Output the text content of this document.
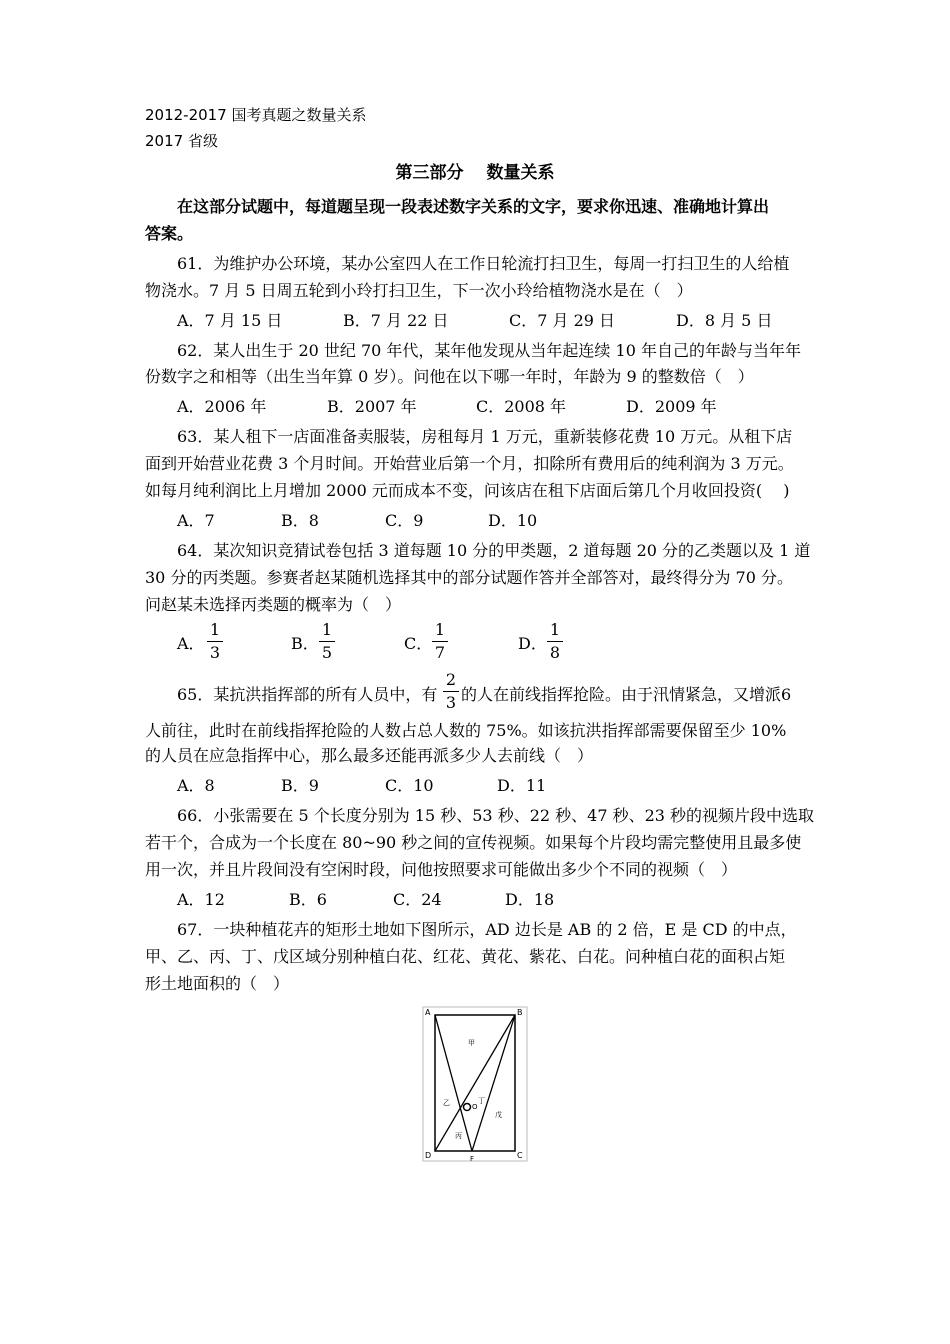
2012-2017 国考真题之数量关系
2017 省级
第三部分　 数量关系
在这部分试题中，每道题呈现一段表述数字关系的文字，要求你迅速、准确地计算出
答案。
61．为维护办公环境，某办公室四人在工作日轮流打扫卫生，每周一打扫卫生的人给植
物浇水。7 月 5 日周五轮到小玲打扫卫生，下一次小玲给植物浇水是在（　）
A．7 月 15 日	B．7 月 22 日	C．7 月 29 日	D．8 月 5 日
62．某人出生于 20 世纪 70 年代，某年他发现从当年起连续 10 年自己的年龄与当年年
份数字之和相等（出生当年算 0 岁）。问他在以下哪一年时，年龄为 9 的整数倍（　）
A．2006 年	B．2007 年	C．2008 年	D．2009 年
63．某人租下一店面准备卖服装，房租每月 1 万元，重新装修花费 10 万元。从租下店
面到开始营业花费 3 个月时间。开始营业后第一个月，扣除所有费用后的纯利润为 3 万元。
如每月纯利润比上月增加 2000 元而成本不变，问该店在租下店面后第几个月收回投资(　 )
A．7	B．8	C．9	D．10
64．某次知识竞猜试卷包括 3 道每题 10 分的甲类题，2 道每题 20 分的乙类题以及 1 道
30 分的丙类题。参赛者赵某随机选择其中的部分试题作答并全部答对，最终得分为 70 分。
问赵某未选择丙类题的概率为（　）
A．
1
3	B．
1
5	C．
1
7	D．
1
8
65．某抗洪指挥部的所有人员中，有
2
3 的人在前线指挥抢险。由于汛情紧急，又增派6
人前往，此时在前线指挥抢险的人数占总人数的 75%。如该抗洪指挥部需要保留至少 10%
的人员在应急指挥中心，那么最多还能再派多少人去前线（　）
A．8	B．9	C．10	D．11
66．小张需要在 5 个长度分别为 15 秒、53 秒、22 秒、47 秒、23 秒的视频片段中选取
若干个，合成为一个长度在 80~90 秒之间的宣传视频。如果每个片段均需完整使用且最多使
用一次，并且片段间没有空闲时段，问他按照要求可能做出多少个不同的视频（　）
A．12	B．6	C．24	D．18
67．一块种植花卉的矩形土地如下图所示，AD 边长是 AB 的 2 倍，E 是 CD 的中点，
甲、乙、丙、丁、戊区域分别种植白花、红花、黄花、紫花、白花。问种植白花的面积占矩
形土地面积的（　）
A	B
C
D	F
O
甲
乙
丙
丁
戊
